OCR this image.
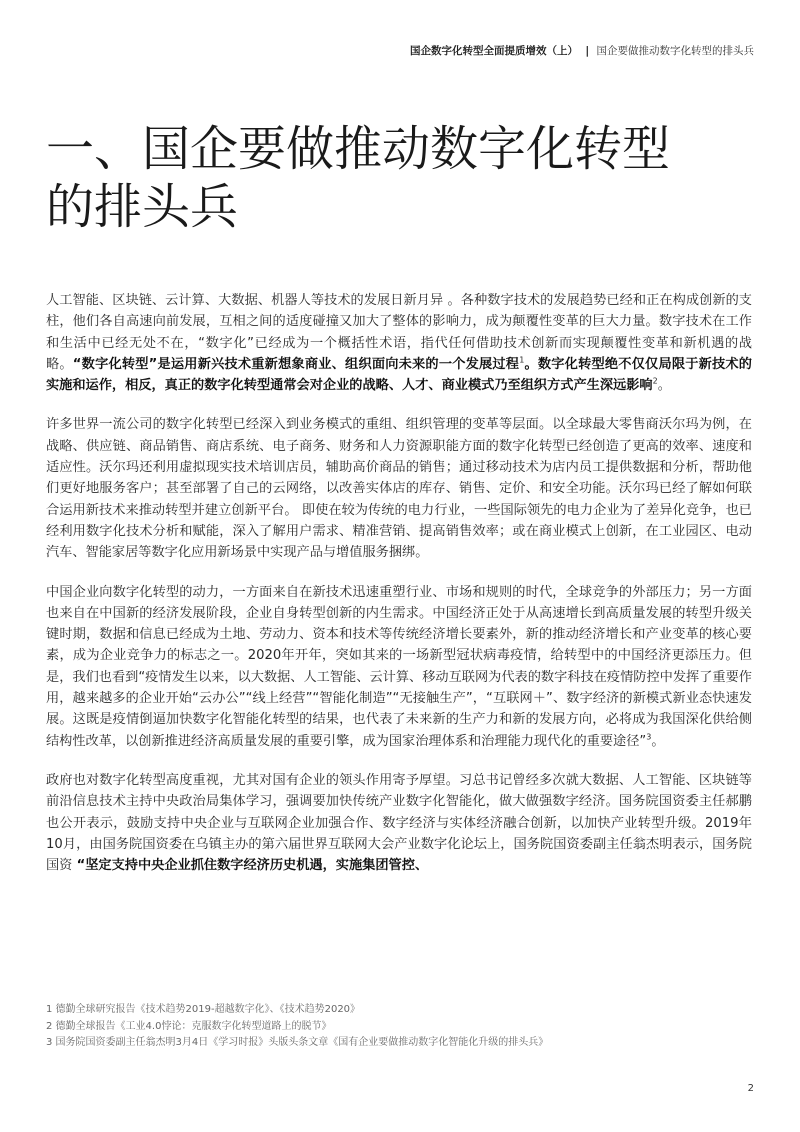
国企数字化转型全面提质增效（上） | 国企要做推动数字化转型的排头兵
一、国企要做推动数字化转型
的排头兵

人工智能、区块链、云计算、大数据、机器人等技术的发展日新月异 。各种数字技术的发展趋势已经和正在构成创新的支柱，他们各自高速向前发展，互相之间的适度碰撞又加大了整体的影响力，成为颠覆性变革的巨大力量。数字技术在工作和生活中已经无处不在，“数字化”已经成为一个概括性术语，指代任何借助技术创新而实现颠覆性变革和新机遇的战略。“数字化转型”是运用新兴技术重新想象商业、组织面向未来的一个发展过程$^1$。数字化转型绝不仅仅局限于新技术的实施和运作，相反，真正的数字化转型通常会对企业的战略、人才、商业模式乃至组织方式产生深远影响$^2$。

许多世界一流公司的数字化转型已经深入到业务模式的重组、组织管理的变革等层面。以全球最大零售商沃尔玛为例，在战略、供应链、商品销售、商店系统、电子商务、财务和人力资源职能方面的数字化转型已经创造了更高的效率、速度和适应性。沃尔玛还利用虚拟现实技术培训店员，辅助高价商品的销售；通过移动技术为店内员工提供数据和分析，帮助他们更好地服务客户；甚至部署了自己的云网络，以改善实体店的库存、销售、定价、和安全功能。沃尔玛已经了解如何联合运用新技术来推动转型并建立创新平台。 即使在较为传统的电力行业，一些国际领先的电力企业为了差异化竞争，也已经利用数字化技术分析和赋能，深入了解用户需求、精准营销、提高销售效率；或在商业模式上创新，在工业园区、电动汽车、智能家居等数字化应用新场景中实现产品与增值服务捆绑。

中国企业向数字化转型的动力，一方面来自在新技术迅速重塑行业、市场和规则的时代，全球竞争的外部压力；另一方面也来自在中国新的经济发展阶段，企业自身转型创新的内生需求。中国经济正处于从高速增长到高质量发展的转型升级关键时期，数据和信息已经成为土地、劳动力、资本和技术等传统经济增长要素外，新的推动经济增长和产业变革的核心要素，成为企业竞争力的标志之一。2020年开年，突如其来的一场新型冠状病毒疫情，给转型中的中国经济更添压力。但是，我们也看到“疫情发生以来，以大数据、人工智能、云计算、移动互联网为代表的数字科技在疫情防控中发挥了重要作用，越来越多的企业开始“云办公”“线上经营”“智能化制造”“无接触生产”，“互联网＋”、数字经济的新模式新业态快速发展。这既是疫情倒逼加快数字化智能化转型的结果，也代表了未来新的生产力和新的发展方向，必将成为我国深化供给侧结构性改革，以创新推进经济高质量发展的重要引擎，成为国家治理体系和治理能力现代化的重要途径”$^3$。

政府也对数字化转型高度重视，尤其对国有企业的领头作用寄予厚望。习总书记曾经多次就大数据、人工智能、区块链等前沿信息技术主持中央政治局集体学习，强调要加快传统产业数字化智能化，做大做强数字经济。国务院国资委主任郝鹏也公开表示，鼓励支持中央企业与互联网企业加强合作、数字经济与实体经济融合创新，以加快产业转型升级。2019年10月，由国务院国资委在乌镇主办的第六届世界互联网大会产业数字化论坛上，国务院国资委副主任翁杰明表示，国务院国资 “坚定支持中央企业抓住数字经济历史机遇，实施集团管控、

1 德勤全球研究报告《技术趋势2019-超越数字化》、《技术趋势2020》
2 德勤全球报告《工业4.0悖论：克服数字化转型道路上的脱节》
3 国务院国资委副主任翁杰明3月4日《学习时报》头版头条文章《国有企业要做推动数字化智能化升级的排头兵》
2
